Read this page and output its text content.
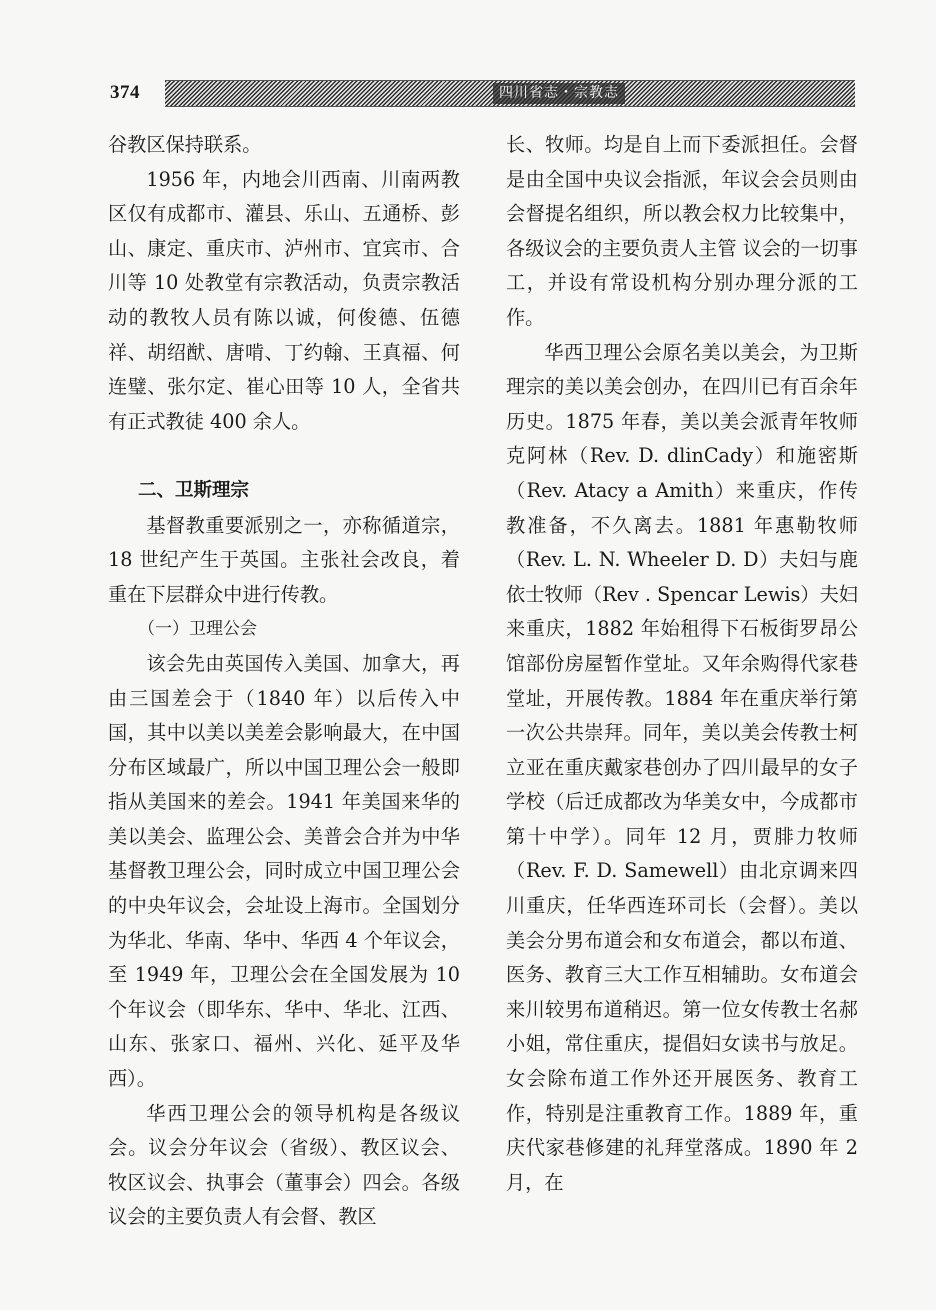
374	四川省志・宗教志

谷教区保持联系。

1956 年，内地会川西南、川南两教区仅有成都市、灌县、乐山、五通桥、彭山、康定、重庆市、泸州市、宜宾市、合川等 10 处教堂有宗教活动，负责宗教活动的教牧人员有陈以诚，何俊德、伍德祥、胡绍猷、唐啃、丁约翰、王真福、何连璧、张尔定、崔心田等 10 人，全省共有正式教徒 400 余人。

二、卫斯理宗

基督教重要派别之一，亦称循道宗，18 世纪产生于英国。主张社会改良，着重在下层群众中进行传教。

（一）卫理公会

该会先由英国传入美国、加拿大，再由三国差会于（1840 年）以后传入中国，其中以美以美差会影响最大，在中国分布区域最广，所以中国卫理公会一般即指从美国来的差会。1941 年美国来华的美以美会、监理公会、美普会合并为中华基督教卫理公会，同时成立中国卫理公会的中央年议会，会址设上海市。全国划分为华北、华南、华中、华西 4 个年议会，至 1949 年，卫理公会在全国发展为 10 个年议会（即华东、华中、华北、江西、山东、张家口、福州、兴化、延平及华西）。

华西卫理公会的领导机构是各级议会。议会分年议会（省级）、教区议会、牧区议会、执事会（董事会）四会。各级议会的主要负责人有会督、教区

长、牧师。均是自上而下委派担任。会督是由全国中央议会指派，年议会会员则由会督提名组织，所以教会权力比较集中，各级议会的主要负责人主管 议会的一切事 工，并设有常设机构分别办理分派的工作。

华西卫理公会原名美以美会，为卫斯理宗的美以美会创办，在四川已有百余年历史。1875 年春，美以美会派青年牧师克阿林（Rev. D. dlinCady）和施密斯（Rev. Atacy a Amith）来重庆，作传教准备，不久离去。1881 年惠勒牧师（Rev. L. N. Wheeler D. D）夫妇与鹿依士牧师（Rev . Spencar Lewis）夫妇来重庆，1882 年始租得下石板街罗昂公馆部份房屋暂作堂址。又年余购得代家巷堂址，开展传教。1884 年在重庆举行第一次公共崇拜。同年，美以美会传教士柯立亚在重庆戴家巷创办了四川最早的女子学校（后迁成都改为华美女中，今成都市第十中学）。同年 12 月，贾腓力牧师（Rev. F. D. Samewell）由北京调来四川重庆，任华西连环司长（会督）。美以美会分男布道会和女布道会，都以布道、医务、教育三大工作互相辅助。女布道会来川较男布道稍迟。第一位女传教士名郝小姐，常住重庆，提倡妇女读书与放足。女会除布道工作外还开展医务、教育工作，特别是注重教育工作。1889 年，重庆代家巷修建的礼拜堂落成。1890 年 2 月，在
